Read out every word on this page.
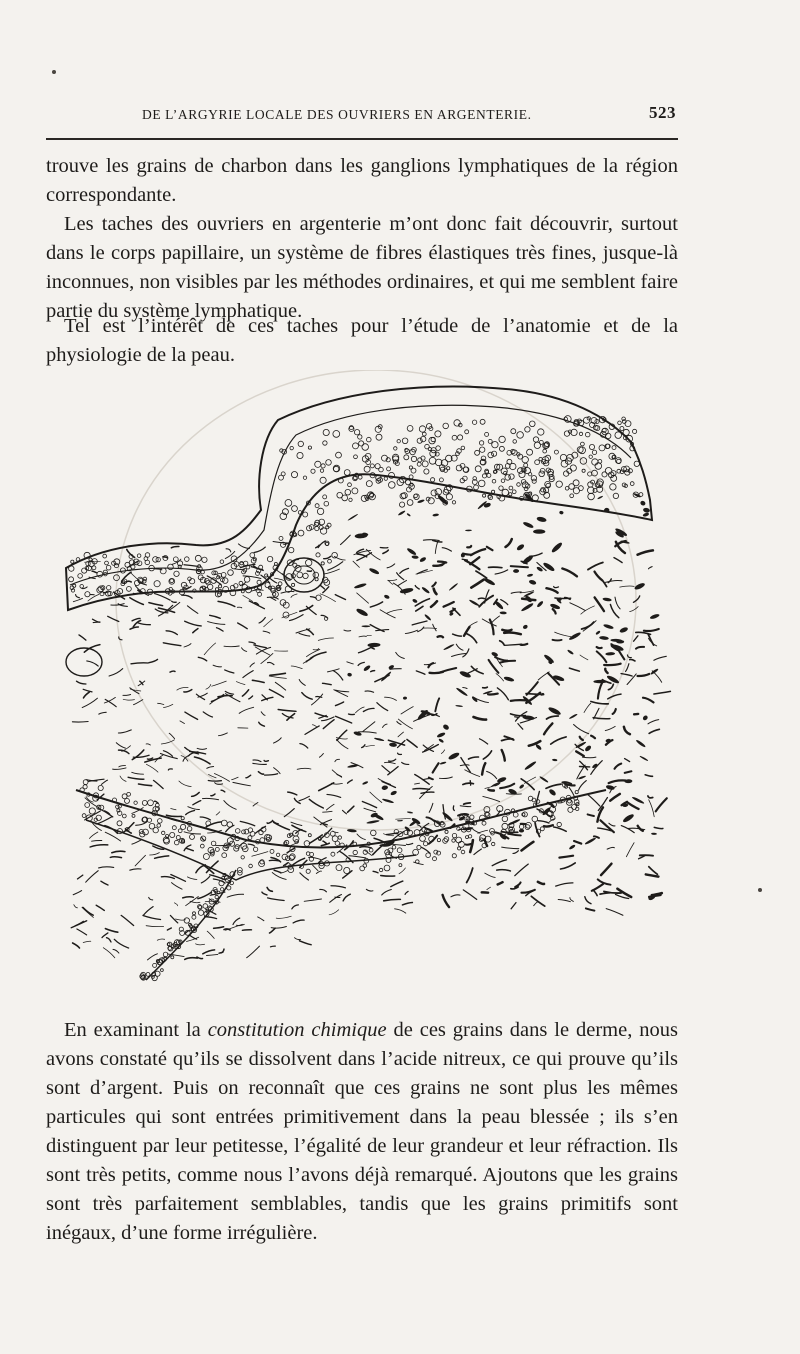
DE L’ARGYRIE LOCALE DES OUVRIERS EN ARGENTERIE.	523

trouve les grains de charbon dans les ganglions lymphatiques de la région correspondante.

Les taches des ouvriers en argenterie m’ont donc fait découvrir, surtout dans le corps papillaire, un système de fibres élastiques très fines, jusque-là inconnues, non visibles par les méthodes ordinaires, et qui me semblent faire partie du système lymphatique.

Tel est l’intérêt de ces taches pour l’étude de l’anatomie et de la physiologie de la peau.

En examinant la constitution chimique de ces grains dans le derme, nous avons constaté qu’ils se dissolvent dans l’acide nitreux, ce qui prouve qu’ils sont d’argent. Puis on reconnaît que ces grains ne sont plus les mêmes particules qui sont entrées primitivement dans la peau blessée ; ils s’en distinguent par leur petitesse, l’égalité de leur grandeur et leur réfraction. Ils sont très petits, comme nous l’avons déjà remarqué. Ajoutons que les grains sont très parfaitement semblables, tandis que les grains primitifs sont inégaux, d’une forme irrégulière.
